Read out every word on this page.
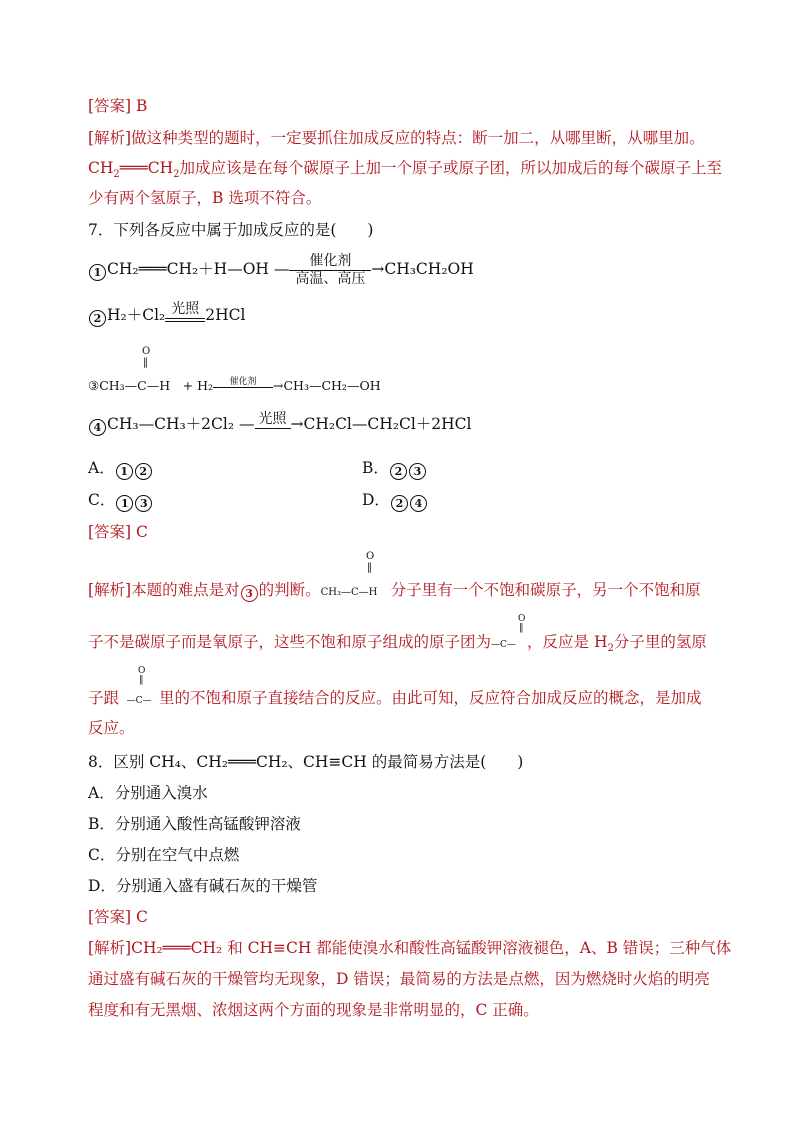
[答案] B
[解析]做这种类型的题时，一定要抓住加成反应的特点：断一加二，从哪里断，从哪里加。
$CH_2═══CH_2$加成应该是在每个碳原子上加一个原子或原子团，所以加成后的每个碳原子上至
少有两个氢原子，B 选项不符合。
7．下列各反应中属于加成反应的是(　　)
1 CH₂═══CH₂＋H—OH —	催化剂
高温、高压
→CH₃CH₂OH
2 H₂＋Cl₂ 光照 2HCl
O
‖
③CH₃—C—H　+ H₂	催化剂	→CH₃—CH₂—OH
4 CH₃—CH₃＋2Cl₂ — 光照 →CH₂Cl—CH₂Cl＋2HCl
A． 1 2	B． 2 3
C． 1 3	D． 2 4
[答案] C
O
‖
[解析]本题的难点是对 3 的判断。CH₃—C—H 分子里有一个不饱和碳原子，另一个不饱和原
O
‖
子不是碳原子而是氧原子，这些不饱和原子组成的原子团为—C— ，反应是 $H_2$分子里的氢原
O
‖
子跟 —C— 里的不饱和原子直接结合的反应。由此可知，反应符合加成反应的概念，是加成
反应。
8．区别 CH₄、CH₂═══CH₂、CH≡CH 的最简易方法是(　　)
A．分别通入溴水
B．分别通入酸性高锰酸钾溶液
C．分别在空气中点燃
D．分别通入盛有碱石灰的干燥管
[答案] C
[解析]CH₂═══CH₂ 和 CH≡CH 都能使溴水和酸性高锰酸钾溶液褪色，A、B 错误；三种气体
通过盛有碱石灰的干燥管均无现象，D 错误；最简易的方法是点燃，因为燃烧时火焰的明亮
程度和有无黑烟、浓烟这两个方面的现象是非常明显的，C 正确。
